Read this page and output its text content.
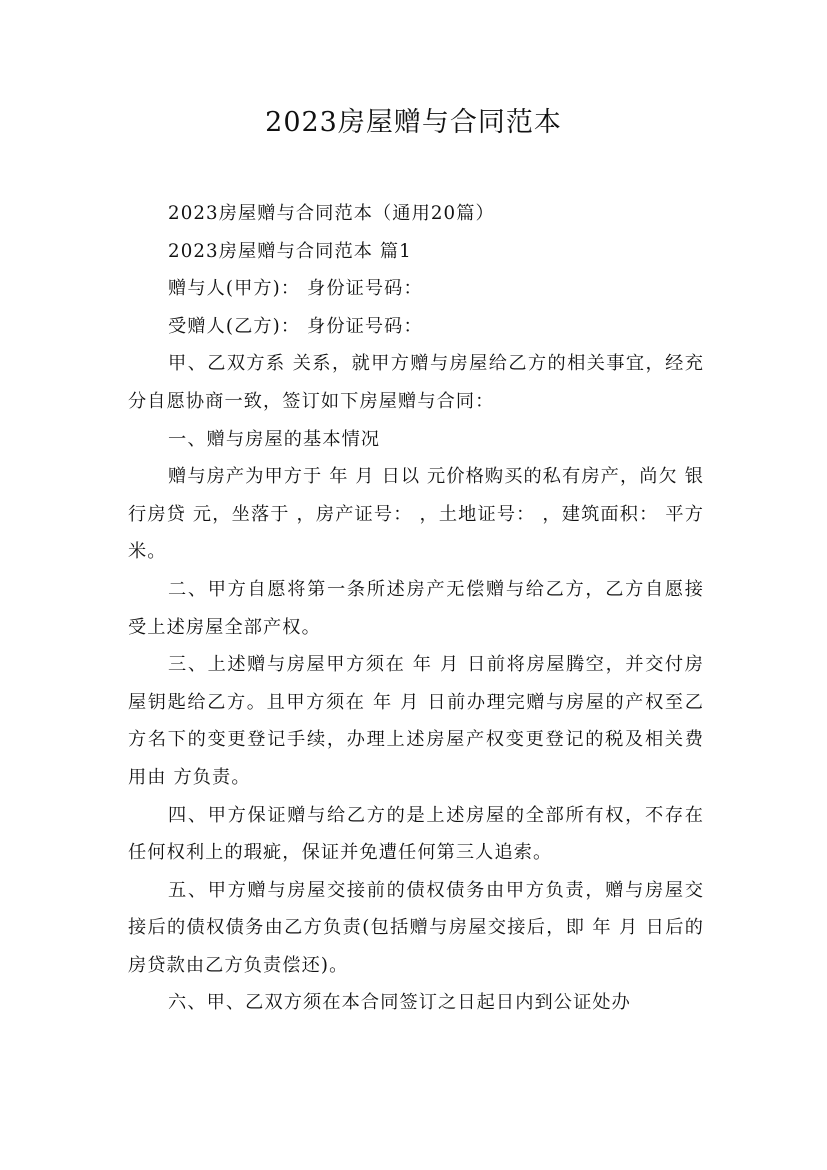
2023房屋赠与合同范本

2023房屋赠与合同范本（通用20篇）

2023房屋赠与合同范本 篇1

赠与人(甲方)： 身份证号码：

受赠人(乙方)： 身份证号码：

甲、乙双方系 关系，就甲方赠与房屋给乙方的相关事宜，经充分自愿协商一致，签订如下房屋赠与合同：

一、赠与房屋的基本情况

赠与房产为甲方于 年 月 日以 元价格购买的私有房产，尚欠 银行房贷 元，坐落于 ，房产证号： ，土地证号： ，建筑面积： 平方米。

二、甲方自愿将第一条所述房产无偿赠与给乙方，乙方自愿接受上述房屋全部产权。

三、上述赠与房屋甲方须在 年 月 日前将房屋腾空，并交付房屋钥匙给乙方。且甲方须在 年 月 日前办理完赠与房屋的产权至乙方名下的变更登记手续，办理上述房屋产权变更登记的税及相关费用由 方负责。

四、甲方保证赠与给乙方的是上述房屋的全部所有权，不存在任何权利上的瑕疵，保证并免遭任何第三人追索。

五、甲方赠与房屋交接前的债权债务由甲方负责，赠与房屋交接后的债权债务由乙方负责(包括赠与房屋交接后，即 年 月 日后的房贷款由乙方负责偿还)。

六、甲、乙双方须在本合同签订之日起日内到公证处办
